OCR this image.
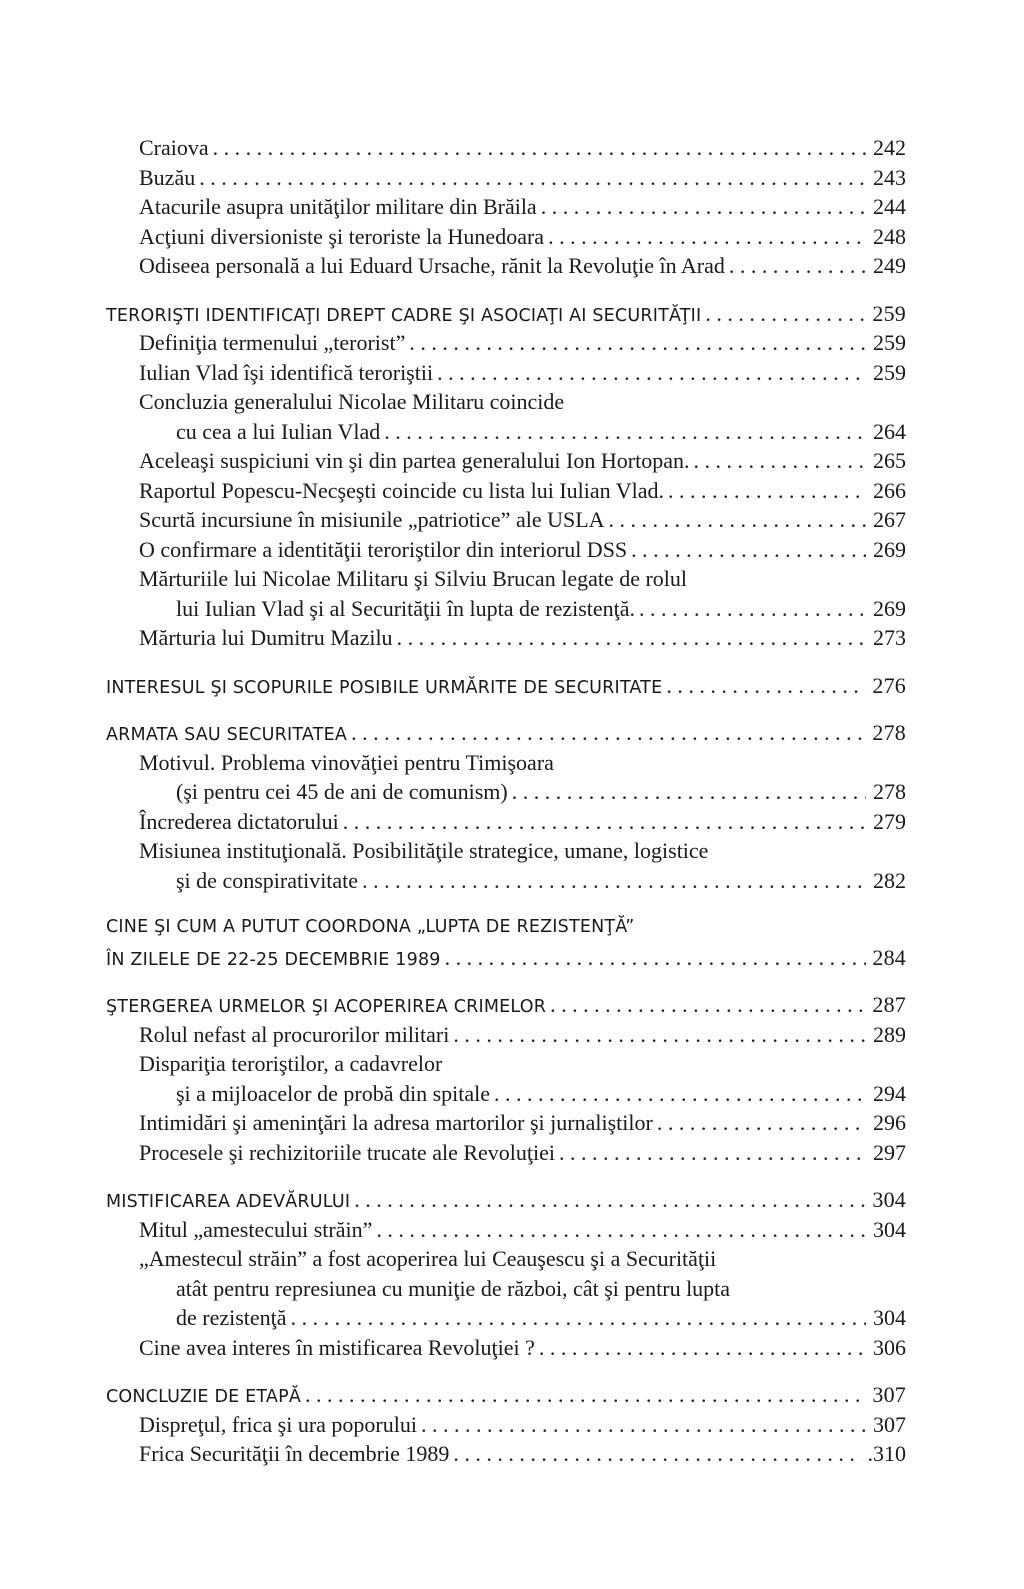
Craiova . . .	242
Buzău . . .	243
Atacurile asupra unităţilor militare din Brăila . . .	244
Acţiuni diversioniste şi teroriste la Hunedoara . . .	248
Odiseea personală a lui Eduard Ursache, rănit la Revoluţie în Arad . . .	249
TERORIŞTI IDENTIFICAŢI DREPT CADRE ŞI ASOCIAŢI AI SECURITĂŢII . . .	259
Definiţia termenului „terorist” . . .	259
Iulian Vlad îşi identifică teroriştii . . .	259
Concluzia generalului Nicolae Militaru coincide
cu cea a lui Iulian Vlad . . .	264
Aceleaşi suspiciuni vin şi din partea generalului Ion Hortopan. . . .	265
Raportul Popescu-Necşeşti coincide cu lista lui Iulian Vlad. . . .	266
Scurtă incursiune în misiunile „patriotice” ale USLA . . .	267
O confirmare a identităţii teroriştilor din interiorul DSS . . .	269
Mărturiile lui Nicolae Militaru şi Silviu Brucan legate de rolul
lui Iulian Vlad şi al Securităţii în lupta de rezistenţă. . . .	269
Mărturia lui Dumitru Mazilu . . .	273
INTERESUL ŞI SCOPURILE POSIBILE URMĂRITE DE SECURITATE . . .	276
ARMATA SAU SECURITATEA . . .	278
Motivul. Problema vinovăţiei pentru Timişoara
(şi pentru cei 45 de ani de comunism) . . .	278
Încrederea dictatorului . . .	279
Misiunea instituţională. Posibilităţile strategice, umane, logistice
şi de conspirativitate . . .	282
CINE ŞI CUM A PUTUT COORDONA „LUPTA DE REZISTENŢĂ”
ÎN ZILELE DE 22-25 DECEMBRIE 1989 . . .	284
ŞTERGEREA URMELOR ŞI ACOPERIREA CRIMELOR . . .	287
Rolul nefast al procurorilor militari . . .	289
Dispariţia teroriştilor, a cadavrelor
şi a mijloacelor de probă din spitale . . .	294
Intimidări şi ameninţări la adresa martorilor şi jurnaliştilor . . .	296
Procesele şi rechizitoriile trucate ale Revoluţiei . . .	297
MISTIFICAREA ADEVĂRULUI . . .	304
Mitul „amestecului străin” . . .	304
„Amestecul străin” a fost acoperirea lui Ceauşescu şi a Securităţii
atât pentru represiunea cu muniţie de război, cât şi pentru lupta
de rezistenţă . . .	304
Cine avea interes în mistificarea Revoluţiei ? . . .	306
CONCLUZIE DE ETAPĂ . . .	307
Dispreţul, frica şi ura poporului . . .	307
Frica Securităţii în decembrie 1989 . . .	.310
